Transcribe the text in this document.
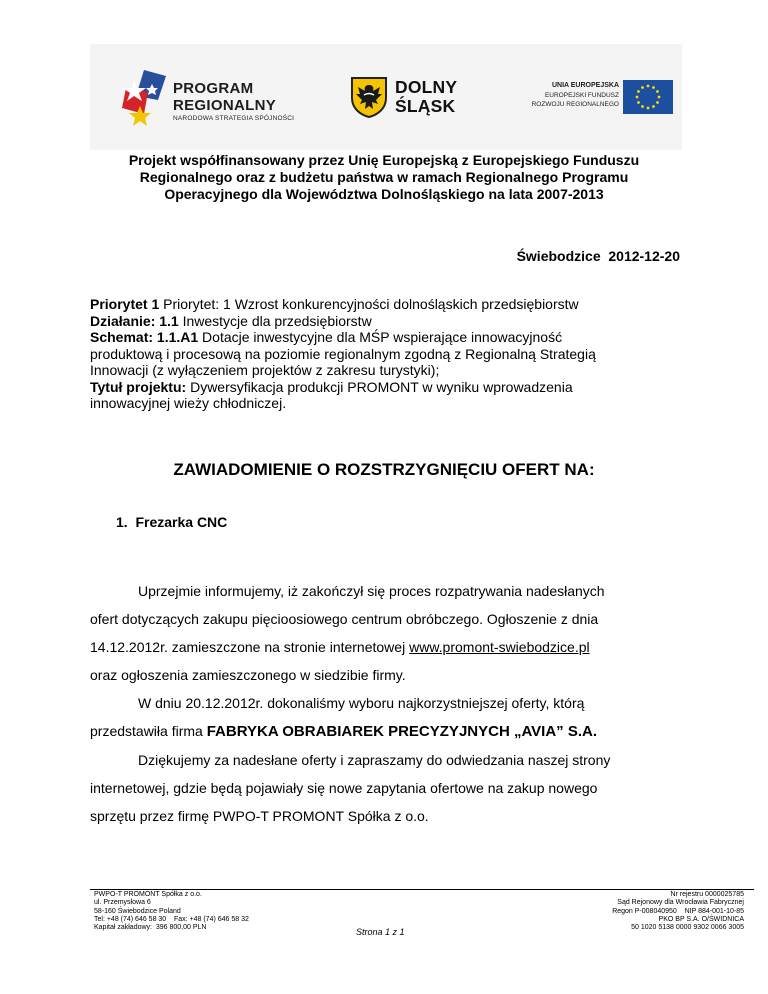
PROGRAM
REGIONALNY
NARODOWA STRATEGIA SPÓJNOŚCI
DOLNY
ŚLĄSK
UNIA EUROPEJSKA
EUROPEJSKI FUNDUSZ
ROZWOJU REGIONALNEGO
Projekt współfinansowany przez Unię Europejską z Europejskiego Funduszu
Regionalnego oraz z budżetu państwa w ramach Regionalnego Programu
Operacyjnego dla Województwa Dolnośląskiego na lata 2007-2013
Świebodzice  2012-12-20
Priorytet 1 Priorytet: 1 Wzrost konkurencyjności dolnośląskich przedsiębiorstw
Działanie: 1.1 Inwestycje dla przedsiębiorstw
Schemat: 1.1.A1 Dotacje inwestycyjne dla MŚP wspierające innowacyjność
produktową i procesową na poziomie regionalnym zgodną z Regionalną Strategią
Innowacji (z wyłączeniem projektów z zakresu turystyki);
Tytuł projektu: Dywersyfikacja produkcji PROMONT w wyniku wprowadzenia
innowacyjnej wieży chłodniczej.
ZAWIADOMIENIE O ROZSTRZYGNIĘCIU OFERT NA:
1. Frezarka CNC

Uprzejmie informujemy, iż zakończył się proces rozpatrywania nadesłanych

ofert dotyczących zakupu pięcioosiowego centrum obróbczego. Ogłoszenie z dnia

14.12.2012r. zamieszczone na stronie internetowej www.promont-swiebodzice.pl

oraz ogłoszenia zamieszczonego w siedzibie firmy.

W dniu 20.12.2012r. dokonaliśmy wyboru najkorzystniejszej oferty, którą

przedstawiła firma FABRYKA OBRABIAREK PRECYZYJNYCH „AVIA” S.A.

Dziękujemy za nadesłane oferty i zapraszamy do odwiedzania naszej strony

internetowej, gdzie będą pojawiały się nowe zapytania ofertowe na zakup nowego

sprzętu przez firmę PWPO-T PROMONT Spółka z o.o.

PWPO-T PROMONT Spółka z o.o.
ul. Przemysłowa 6
58-160 Świebodzice Poland
Tel: +48 (74) 646 58 30    Fax: +48 (74) 646 58 32
Kapitał zakładowy:  396 800,00 PLN	Strona 1 z 1
Nr rejestru 0000025785
Sąd Rejonowy dla Wrocławia Fabrycznej
Regon P-008040950    NIP 884-001-10-85
PKO BP S.A. O/ŚWIDNICA
50 1020 5138 0000 9302 0066 3005
